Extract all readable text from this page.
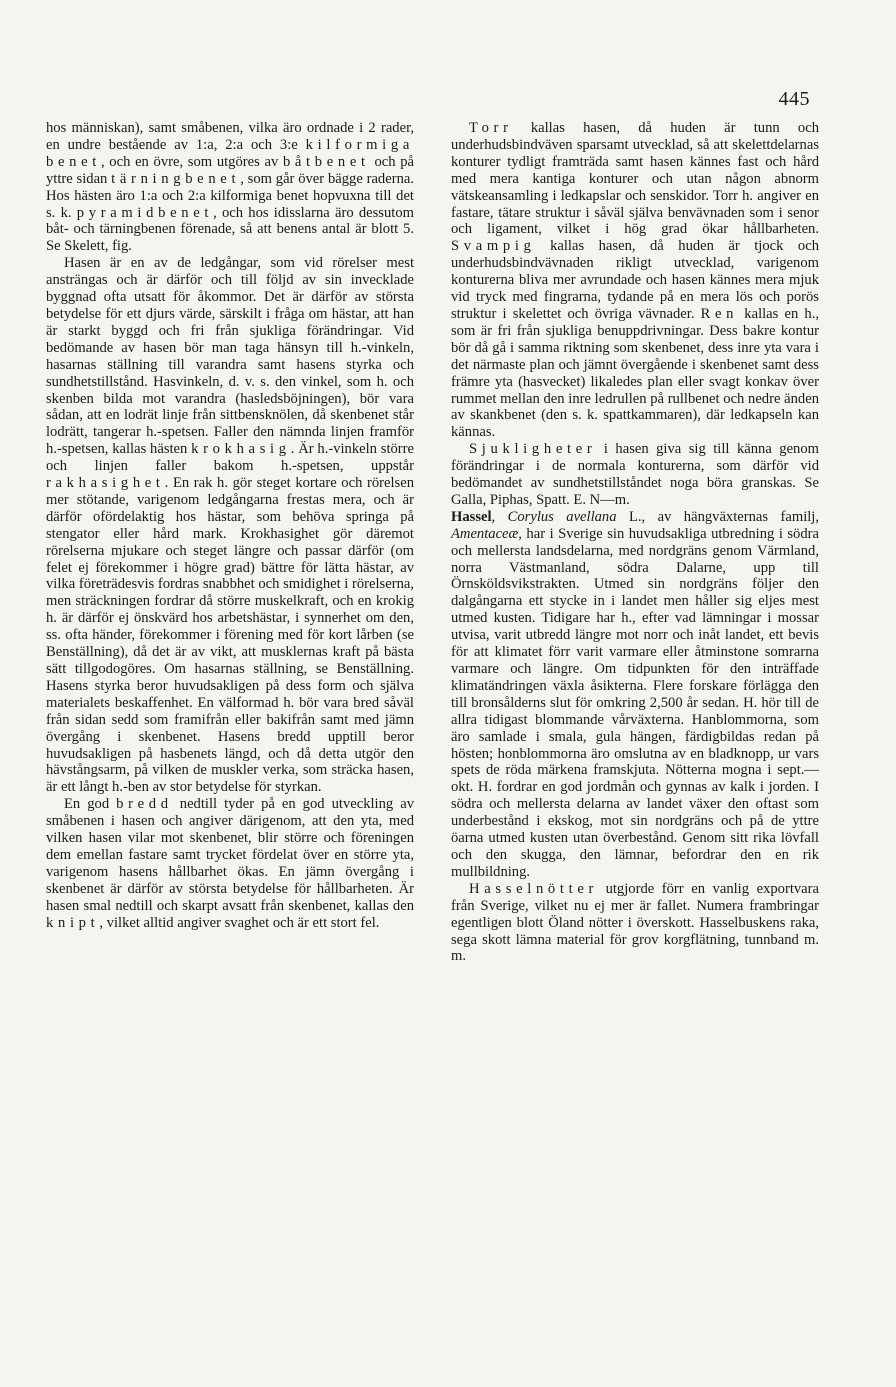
445

hos människan), samt småbenen, vilka äro ordnade i 2 rader, en undre bestående av 1:a, 2:a och 3:e kilformiga benet, och en övre, som utgöres av båtbenet och på yttre sidan tärningbenet, som går över bägge raderna. Hos hästen äro 1:a och 2:a kilformiga benet hopvuxna till det s. k. pyramidbenet, och hos idisslarna äro dessutom båt- och tärningbenen förenade, så att benens antal är blott 5. Se Skelett, fig.

Hasen är en av de ledgångar, som vid rörelser mest ansträngas och är därför och till följd av sin invecklade byggnad ofta utsatt för åkommor. Det är därför av största betydelse för ett djurs värde, särskilt i fråga om hästar, att han är starkt byggd och fri från sjukliga förändringar. Vid bedömande av hasen bör man taga hänsyn till h.-vinkeln, hasarnas ställning till varandra samt hasens styrka och sundhetstillstånd. Hasvinkeln, d. v. s. den vinkel, som h. och skenben bilda mot varandra (hasledsböjningen), bör vara sådan, att en lodrät linje från sittbensknölen, då skenbenet står lodrätt, tangerar h.-spetsen. Faller den nämnda linjen framför h.-spetsen, kallas hästen krokhasig. Är h.-vinkeln större och linjen faller bakom h.-spetsen, uppstår rakhasighet. En rak h. gör steget kortare och rörelsen mer stötande, varigenom ledgångarna frestas mera, och är därför ofördelaktig hos hästar, som behöva springa på stengator eller hård mark. Krokhasighet gör däremot rörelserna mjukare och steget längre och passar därför (om felet ej förekommer i högre grad) bättre för lätta hästar, av vilka företrädesvis fordras snabbhet och smidighet i rörelserna, men sträckningen fordrar då större muskelkraft, och en krokig h. är därför ej önskvärd hos arbetshästar, i synnerhet om den, ss. ofta händer, förekommer i förening med för kort lårben (se Benställning), då det är av vikt, att musklernas kraft på bästa sätt tillgodogöres. Om hasarnas ställning, se Benställning. Hasens styrka beror huvudsakligen på dess form och själva materialets beskaffenhet. En välformad h. bör vara bred såväl från sidan sedd som framifrån eller bakifrån samt med jämn övergång i skenbenet. Hasens bredd upptill beror huvudsakligen på hasbenets längd, och då detta utgör den hävstångsarm, på vilken de muskler verka, som sträcka hasen, är ett långt h.-ben av stor betydelse för styrkan.

En god bredd nedtill tyder på en god utveckling av småbenen i hasen och angiver därigenom, att den yta, med vilken hasen vilar mot skenbenet, blir större och föreningen dem emellan fastare samt trycket fördelat över en större yta, varigenom hasens hållbarhet ökas. En jämn övergång i skenbenet är därför av största betydelse för hållbarheten. Är hasen smal nedtill och skarpt avsatt från skenbenet, kallas den knipt, vilket alltid angiver svaghet och är ett stort fel.

Torr kallas hasen, då huden är tunn och underhudsbindväven sparsamt utvecklad, så att skelettdelarnas konturer tydligt framträda samt hasen kännes fast och hård med mera kantiga konturer och utan någon abnorm vätskeansamling i ledkapslar och senskidor. Torr h. angiver en fastare, tätare struktur i såväl själva benvävnaden som i senor och ligament, vilket i hög grad ökar hållbarheten. Svampig kallas hasen, då huden är tjock och underhudsbindvävnaden rikligt utvecklad, varigenom konturerna bliva mer avrundade och hasen kännes mera mjuk vid tryck med fingrarna, tydande på en mera lös och porös struktur i skelettet och övriga vävnader. Ren kallas en h., som är fri från sjukliga benuppdrivningar. Dess bakre kontur bör då gå i samma riktning som skenbenet, dess inre yta vara i det närmaste plan och jämnt övergående i skenbenet samt dess främre yta (hasvecket) likaledes plan eller svagt konkav över rummet mellan den inre ledrullen på rullbenet och nedre änden av skankbenet (den s. k. spattkammaren), där ledkapseln kan kännas.

Sjukligheter i hasen giva sig till känna genom förändringar i de normala konturerna, som därför vid bedömandet av sundhetstillståndet noga böra granskas. Se Galla, Piphas, Spatt. E. N—m.

Hassel, Corylus avellana L., av hängväxternas familj, Amentaceæ, har i Sverige sin huvudsakliga utbredning i södra och mellersta landsdelarna, med nordgräns genom Värmland, norra Västmanland, södra Dalarne, upp till Örnsköldsvikstrakten. Utmed sin nordgräns följer den dalgångarna ett stycke in i landet men håller sig eljes mest utmed kusten. Tidigare har h., efter vad lämningar i mossar utvisa, varit utbredd längre mot norr och inåt landet, ett bevis för att klimatet förr varit varmare eller åtminstone somrarna varmare och längre. Om tidpunkten för den inträffade klimatändringen växla åsikterna. Flere forskare förlägga den till bronsålderns slut för omkring 2,500 år sedan. H. hör till de allra tidigast blommande vårväxterna. Hanblommorna, som äro samlade i smala, gula hängen, färdigbildas redan på hösten; honblommorna äro omslutna av en bladknopp, ur vars spets de röda märkena framskjuta. Nötterna mogna i sept.—okt. H. fordrar en god jordmån och gynnas av kalk i jorden. I södra och mellersta delarna av landet växer den oftast som underbestånd i ekskog, mot sin nordgräns och på de yttre öarna utmed kusten utan överbestånd. Genom sitt rika lövfall och den skugga, den lämnar, befordrar den en rik mullbildning.

Hasselnötter utgjorde förr en vanlig exportvara från Sverige, vilket nu ej mer är fallet. Numera frambringar egentligen blott Öland nötter i överskott. Hasselbuskens raka, sega skott lämna material för grov korgflätning, tunnband m. m.
